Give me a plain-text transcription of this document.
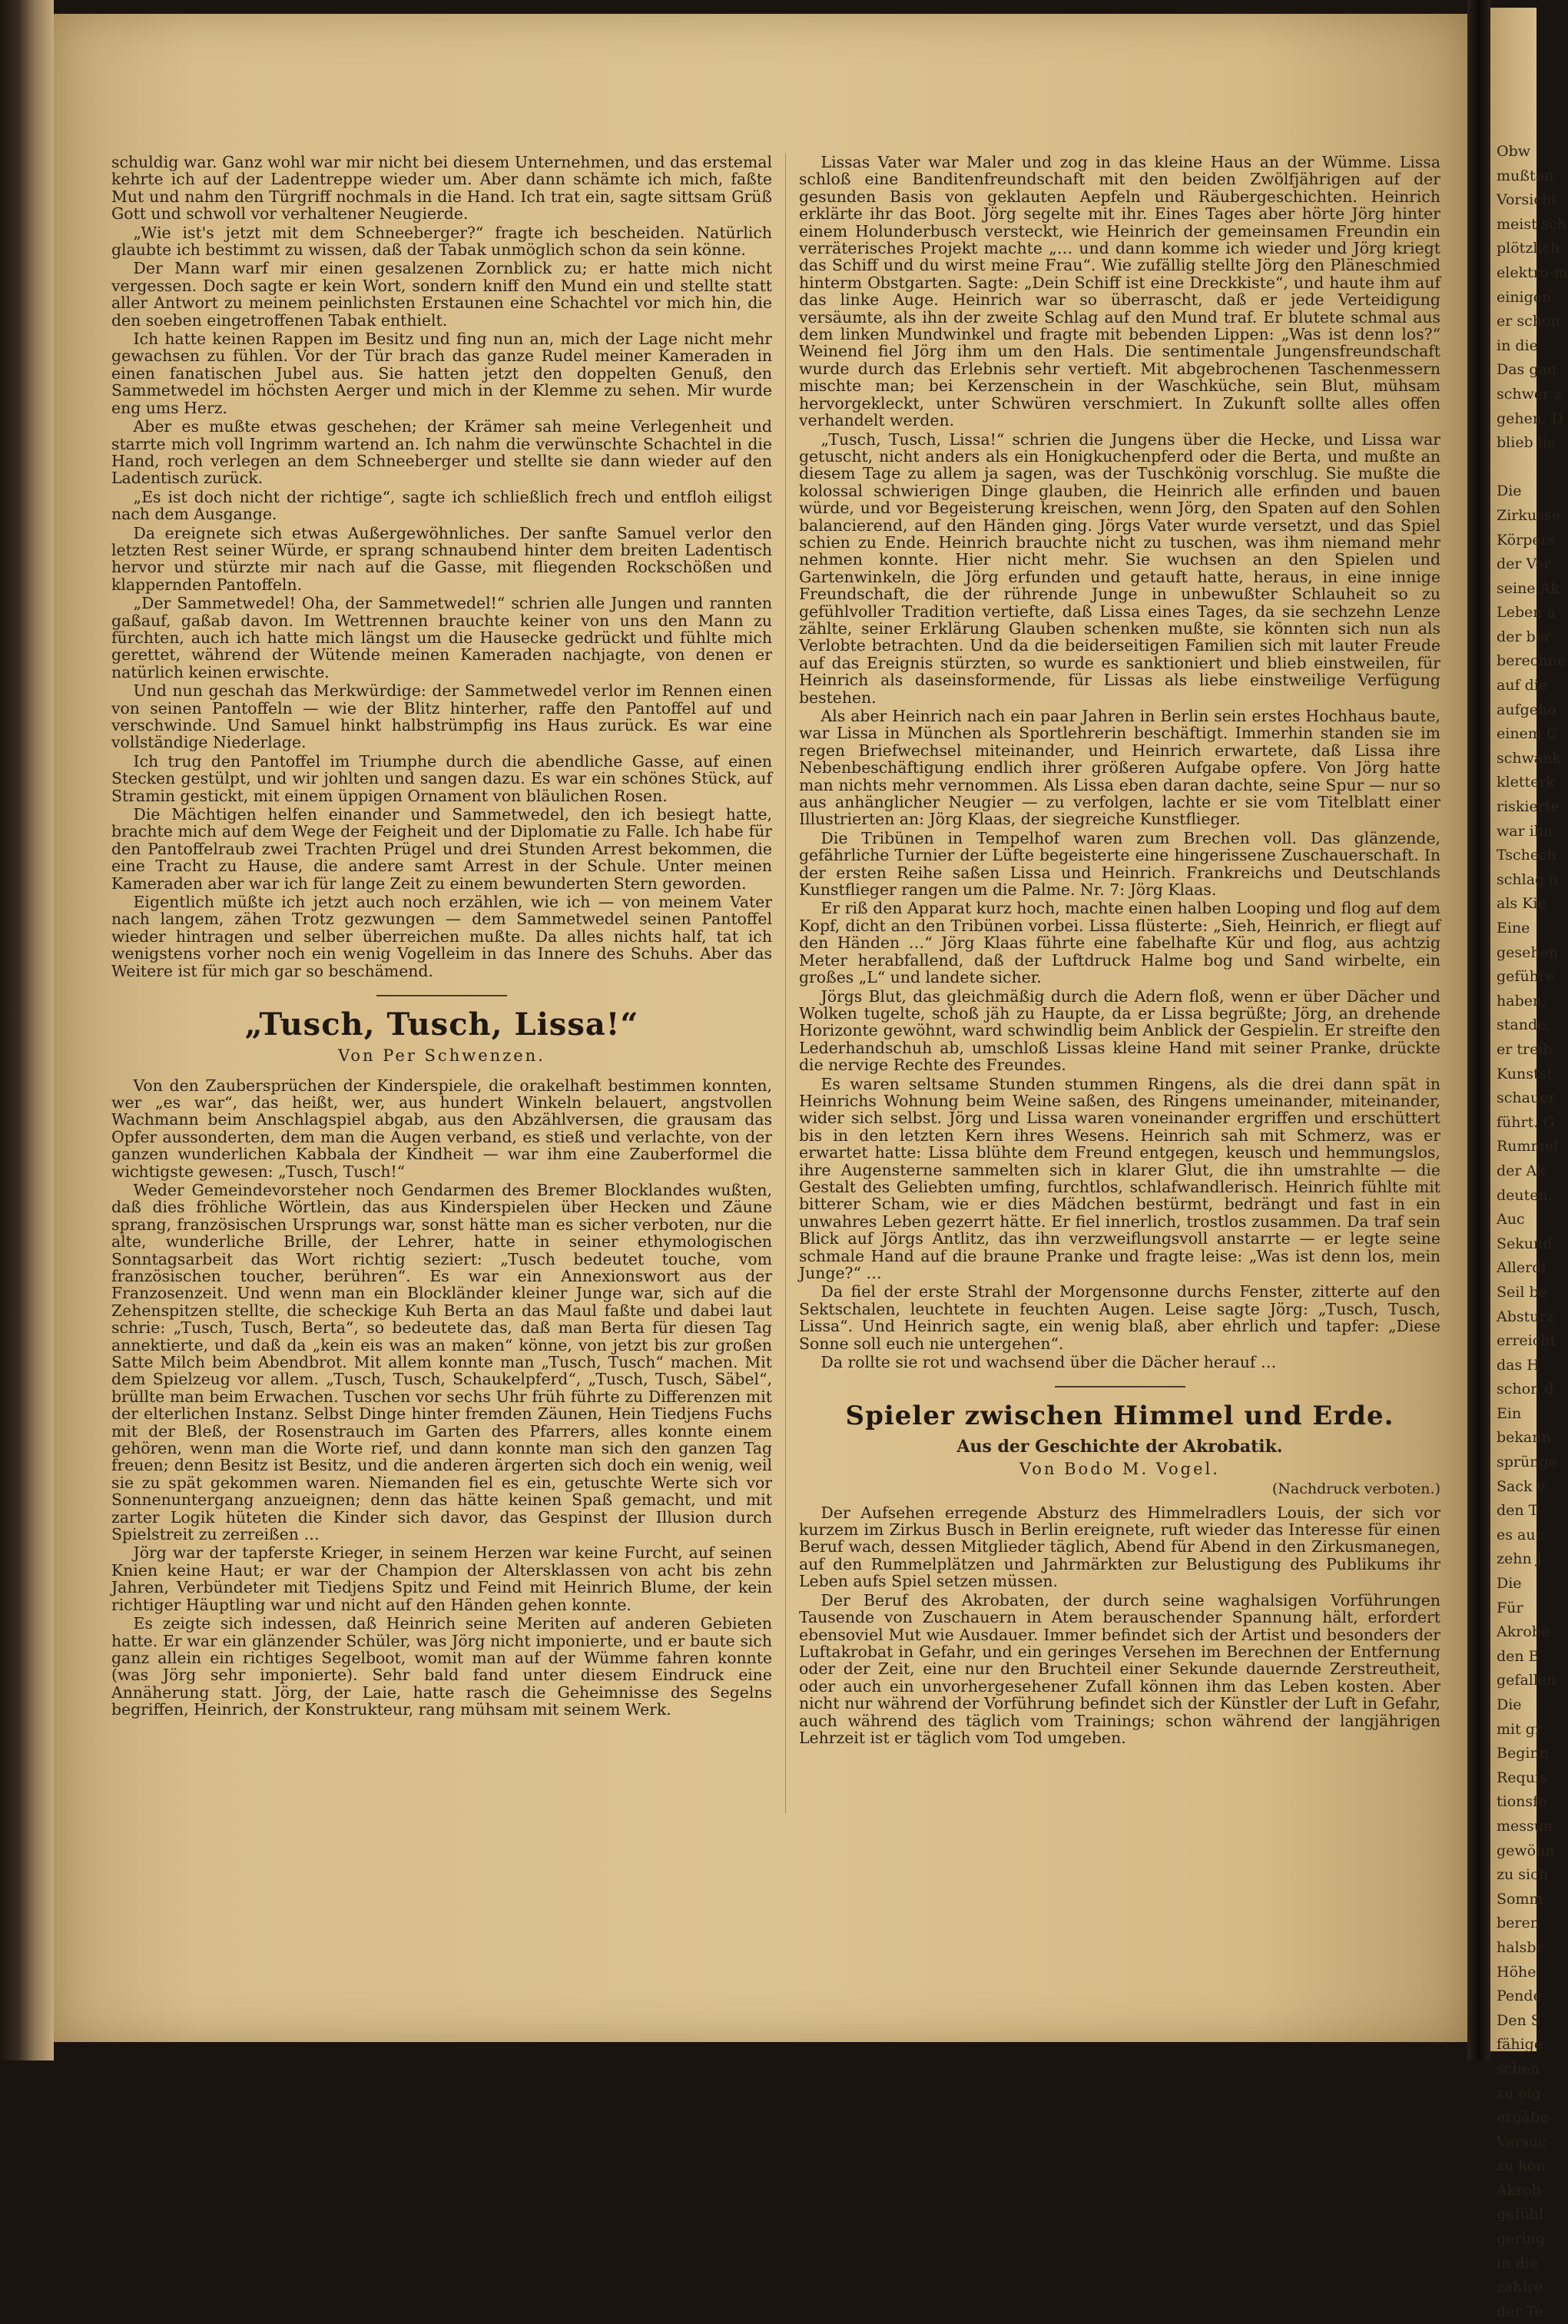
schuldig war. Ganz wohl war mir nicht bei diesem Unternehmen, und das erstemal kehrte ich auf der Ladentreppe wieder um. Aber dann schämte ich mich, faßte Mut und nahm den Türgriff nochmals in die Hand. Ich trat ein, sagte sittsam Grüß Gott und schwoll vor verhaltener Neugierde.

„Wie ist's jetzt mit dem Schneeberger?“ fragte ich bescheiden. Natürlich glaubte ich bestimmt zu wissen, daß der Tabak unmöglich schon da sein könne.

Der Mann warf mir einen gesalzenen Zornblick zu; er hatte mich nicht vergessen. Doch sagte er kein Wort, sondern kniff den Mund ein und stellte statt aller Antwort zu meinem peinlichsten Erstaunen eine Schachtel vor mich hin, die den soeben eingetroffenen Tabak enthielt.

Ich hatte keinen Rappen im Besitz und fing nun an, mich der Lage nicht mehr gewachsen zu fühlen. Vor der Tür brach das ganze Rudel meiner Kameraden in einen fanatischen Jubel aus. Sie hatten jetzt den doppelten Genuß, den Sammetwedel im höchsten Aerger und mich in der Klemme zu sehen. Mir wurde eng ums Herz.

Aber es mußte etwas geschehen; der Krämer sah meine Verlegenheit und starrte mich voll Ingrimm wartend an. Ich nahm die verwünschte Schachtel in die Hand, roch verlegen an dem Schneeberger und stellte sie dann wieder auf den Ladentisch zurück.

„Es ist doch nicht der richtige“, sagte ich schließlich frech und entfloh eiligst nach dem Ausgange.

Da ereignete sich etwas Außergewöhnliches. Der sanfte Samuel verlor den letzten Rest seiner Würde, er sprang schnaubend hinter dem breiten Ladentisch hervor und stürzte mir nach auf die Gasse, mit fliegenden Rockschößen und klappernden Pantoffeln.

„Der Sammetwedel! Oha, der Sammetwedel!“ schrien alle Jungen und rannten gaßauf, gaßab davon. Im Wettrennen brauchte keiner von uns den Mann zu fürchten, auch ich hatte mich längst um die Hausecke gedrückt und fühlte mich gerettet, während der Wütende meinen Kameraden nachjagte, von denen er natürlich keinen erwischte.

Und nun geschah das Merkwürdige: der Sammetwedel verlor im Rennen einen von seinen Pantoffeln — wie der Blitz hinterher, raffe den Pantoffel auf und verschwinde. Und Samuel hinkt halbstrümpfig ins Haus zurück. Es war eine vollständige Niederlage.

Ich trug den Pantoffel im Triumphe durch die abendliche Gasse, auf einen Stecken gestülpt, und wir johlten und sangen dazu. Es war ein schönes Stück, auf Stramin gestickt, mit einem üppigen Ornament von bläulichen Rosen.

Die Mächtigen helfen einander und Sammetwedel, den ich besiegt hatte, brachte mich auf dem Wege der Feigheit und der Diplomatie zu Falle. Ich habe für den Pantoffelraub zwei Trachten Prügel und drei Stunden Arrest bekommen, die eine Tracht zu Hause, die andere samt Arrest in der Schule. Unter meinen Kameraden aber war ich für lange Zeit zu einem bewunderten Stern geworden.

Eigentlich müßte ich jetzt auch noch erzählen, wie ich — von meinem Vater nach langem, zähen Trotz gezwungen — dem Sammetwedel seinen Pantoffel wieder hintragen und selber überreichen mußte. Da alles nichts half, tat ich wenigstens vorher noch ein wenig Vogelleim in das Innere des Schuhs. Aber das Weitere ist für mich gar so beschämend.

„Tusch, Tusch, Lissa!“
Von Per Schwenzen.

Von den Zaubersprüchen der Kinderspiele, die orakelhaft bestimmen konnten, wer „es war“, das heißt, wer, aus hundert Winkeln belauert, angstvollen Wachmann beim Anschlagspiel abgab, aus den Abzählversen, die grausam das Opfer aussonderten, dem man die Augen verband, es stieß und verlachte, von der ganzen wunderlichen Kabbala der Kindheit — war ihm eine Zauberformel die wichtigste gewesen: „Tusch, Tusch!“

Weder Gemeindevorsteher noch Gendarmen des Bremer Blocklandes wußten, daß dies fröhliche Wörtlein, das aus Kinderspielen über Hecken und Zäune sprang, französischen Ursprungs war, sonst hätte man es sicher verboten, nur die alte, wunderliche Brille, der Lehrer, hatte in seiner ethymologischen Sonntagsarbeit das Wort richtig seziert: „Tusch bedeutet touche, vom französischen toucher, berühren“. Es war ein Annexionswort aus der Franzosenzeit. Und wenn man ein Blockländer kleiner Junge war, sich auf die Zehenspitzen stellte, die scheckige Kuh Berta an das Maul faßte und dabei laut schrie: „Tusch, Tusch, Berta“, so bedeutete das, daß man Berta für diesen Tag annektierte, und daß da „kein eis was an maken“ könne, von jetzt bis zur großen Satte Milch beim Abendbrot. Mit allem konnte man „Tusch, Tusch“ machen. Mit dem Spielzeug vor allem. „Tusch, Tusch, Schaukelpferd“, „Tusch, Tusch, Säbel“, brüllte man beim Erwachen. Tuschen vor sechs Uhr früh führte zu Differenzen mit der elterlichen Instanz. Selbst Dinge hinter fremden Zäunen, Hein Tiedjens Fuchs mit der Bleß, der Rosenstrauch im Garten des Pfarrers, alles konnte einem gehören, wenn man die Worte rief, und dann konnte man sich den ganzen Tag freuen; denn Besitz ist Besitz, und die anderen ärgerten sich doch ein wenig, weil sie zu spät gekommen waren. Niemanden fiel es ein, getuschte Werte sich vor Sonnenuntergang anzueignen; denn das hätte keinen Spaß gemacht, und mit zarter Logik hüteten die Kinder sich davor, das Gespinst der Illusion durch Spielstreit zu zerreißen …

Jörg war der tapferste Krieger, in seinem Herzen war keine Furcht, auf seinen Knien keine Haut; er war der Champion der Altersklassen von acht bis zehn Jahren, Verbündeter mit Tiedjens Spitz und Feind mit Heinrich Blume, der kein richtiger Häuptling war und nicht auf den Händen gehen konnte.

Es zeigte sich indessen, daß Heinrich seine Meriten auf anderen Gebieten hatte. Er war ein glänzender Schüler, was Jörg nicht imponierte, und er baute sich ganz allein ein richtiges Segelboot, womit man auf der Wümme fahren konnte (was Jörg sehr imponierte). Sehr bald fand unter diesem Eindruck eine Annäherung statt. Jörg, der Laie, hatte rasch die Geheimnisse des Segelns begriffen, Heinrich, der Konstrukteur, rang mühsam mit seinem Werk.

Lissas Vater war Maler und zog in das kleine Haus an der Wümme. Lissa schloß eine Banditenfreundschaft mit den beiden Zwölfjährigen auf der gesunden Basis von geklauten Aepfeln und Räubergeschichten. Heinrich erklärte ihr das Boot. Jörg segelte mit ihr. Eines Tages aber hörte Jörg hinter einem Holunderbusch versteckt, wie Heinrich der gemeinsamen Freundin ein verräterisches Projekt machte „… und dann komme ich wieder und Jörg kriegt das Schiff und du wirst meine Frau“. Wie zufällig stellte Jörg den Pläneschmied hinterm Obstgarten. Sagte: „Dein Schiff ist eine Dreckkiste“, und haute ihm auf das linke Auge. Heinrich war so überrascht, daß er jede Verteidigung versäumte, als ihn der zweite Schlag auf den Mund traf. Er blutete schmal aus dem linken Mundwinkel und fragte mit bebenden Lippen: „Was ist denn los?“ Weinend fiel Jörg ihm um den Hals. Die sentimentale Jungensfreundschaft wurde durch das Erlebnis sehr vertieft. Mit abgebrochenen Taschenmessern mischte man; bei Kerzenschein in der Waschküche, sein Blut, mühsam hervorgekleckt, unter Schwüren verschmiert. In Zukunft sollte alles offen verhandelt werden.

„Tusch, Tusch, Lissa!“ schrien die Jungens über die Hecke, und Lissa war getuscht, nicht anders als ein Honigkuchenpferd oder die Berta, und mußte an diesem Tage zu allem ja sagen, was der Tuschkönig vorschlug. Sie mußte die kolossal schwierigen Dinge glauben, die Heinrich alle erfinden und bauen würde, und vor Begeisterung kreischen, wenn Jörg, den Spaten auf den Sohlen balancierend, auf den Händen ging. Jörgs Vater wurde versetzt, und das Spiel schien zu Ende. Heinrich brauchte nicht zu tuschen, was ihm niemand mehr nehmen konnte. Hier nicht mehr. Sie wuchsen an den Spielen und Gartenwinkeln, die Jörg erfunden und getauft hatte, heraus, in eine innige Freundschaft, die der rührende Junge in unbewußter Schlauheit so zu gefühlvoller Tradition vertiefte, daß Lissa eines Tages, da sie sechzehn Lenze zählte, seiner Erklärung Glauben schenken mußte, sie könnten sich nun als Verlobte betrachten. Und da die beiderseitigen Familien sich mit lauter Freude auf das Ereignis stürzten, so wurde es sanktioniert und blieb einstweilen, für Heinrich als daseinsformende, für Lissas als liebe einstweilige Verfügung bestehen.

Als aber Heinrich nach ein paar Jahren in Berlin sein erstes Hochhaus baute, war Lissa in München als Sportlehrerin beschäftigt. Immerhin standen sie im regen Briefwechsel miteinander, und Heinrich erwartete, daß Lissa ihre Nebenbeschäftigung endlich ihrer größeren Aufgabe opfere. Von Jörg hatte man nichts mehr vernommen. Als Lissa eben daran dachte, seine Spur — nur so aus anhänglicher Neugier — zu verfolgen, lachte er sie vom Titelblatt einer Illustrierten an: Jörg Klaas, der siegreiche Kunstflieger.

Die Tribünen in Tempelhof waren zum Brechen voll. Das glänzende, gefährliche Turnier der Lüfte begeisterte eine hingerissene Zuschauerschaft. In der ersten Reihe saßen Lissa und Heinrich. Frankreichs und Deutschlands Kunstflieger rangen um die Palme. Nr. 7: Jörg Klaas.

Er riß den Apparat kurz hoch, machte einen halben Looping und flog auf dem Kopf, dicht an den Tribünen vorbei. Lissa flüsterte: „Sieh, Heinrich, er fliegt auf den Händen …“ Jörg Klaas führte eine fabelhafte Kür und flog, aus achtzig Meter herabfallend, daß der Luftdruck Halme bog und Sand wirbelte, ein großes „L“ und landete sicher.

Jörgs Blut, das gleichmäßig durch die Adern floß, wenn er über Dächer und Wolken tugelte, schoß jäh zu Haupte, da er Lissa begrüßte; Jörg, an drehende Horizonte gewöhnt, ward schwindlig beim Anblick der Gespielin. Er streifte den Lederhandschuh ab, umschloß Lissas kleine Hand mit seiner Pranke, drückte die nervige Rechte des Freundes.

Es waren seltsame Stunden stummen Ringens, als die drei dann spät in Heinrichs Wohnung beim Weine saßen, des Ringens umeinander, miteinander, wider sich selbst. Jörg und Lissa waren voneinander ergriffen und erschüttert bis in den letzten Kern ihres Wesens. Heinrich sah mit Schmerz, was er erwartet hatte: Lissa blühte dem Freund entgegen, keusch und hemmungslos, ihre Augensterne sammelten sich in klarer Glut, die ihn umstrahlte — die Gestalt des Geliebten umfing, furchtlos, schlafwandlerisch. Heinrich fühlte mit bitterer Scham, wie er dies Mädchen bestürmt, bedrängt und fast in ein unwahres Leben gezerrt hätte. Er fiel innerlich, trostlos zusammen. Da traf sein Blick auf Jörgs Antlitz, das ihn verzweiflungsvoll anstarrte — er legte seine schmale Hand auf die braune Pranke und fragte leise: „Was ist denn los, mein Junge?“ …

Da fiel der erste Strahl der Morgensonne durchs Fenster, zitterte auf den Sektschalen, leuchtete in feuchten Augen. Leise sagte Jörg: „Tusch, Tusch, Lissa“. Und Heinrich sagte, ein wenig blaß, aber ehrlich und tapfer: „Diese Sonne soll euch nie untergehen“.

Da rollte sie rot und wachsend über die Dächer herauf …

Spieler zwischen Himmel und Erde.
Aus der Geschichte der Akrobatik.
Von Bodo M. Vogel.
(Nachdruck verboten.)

Der Aufsehen erregende Absturz des Himmelradlers Louis, der sich vor kurzem im Zirkus Busch in Berlin ereignete, ruft wieder das Interesse für einen Beruf wach, dessen Mitglieder täglich, Abend für Abend in den Zirkusmanegen, auf den Rummelplätzen und Jahrmärkten zur Belustigung des Publikums ihr Leben aufs Spiel setzen müssen.

Der Beruf des Akrobaten, der durch seine waghalsigen Vorführungen Tausende von Zuschauern in Atem berauschender Spannung hält, erfordert ebensoviel Mut wie Ausdauer. Immer befindet sich der Artist und besonders der Luftakrobat in Gefahr, und ein geringes Versehen im Berechnen der Entfernung oder der Zeit, eine nur den Bruchteil einer Sekunde dauernde Zerstreutheit, oder auch ein unvorhergesehener Zufall können ihm das Leben kosten. Aber nicht nur während der Vorführung befindet sich der Künstler der Luft in Gefahr, auch während des täglich vom Trainings; schon während der langjährigen Lehrzeit ist er täglich vom Tod umgeben.

Obw
mußten
Vorsicht
meist sch
plötzlich
elektro-m
einigen
er schon
in die
Das gan
schwer z
gehen. D
blieb lie

Die
Zirkusse
Körpers
der Ver
seine Ak
Leben a
der ber
berechne
auf die
aufgeho
einem C
schwank
kletterk
riskierte
war ihn
Tschech
schlag n
als Kie
Eine
gesehen
geführe
haben,
stande,
er treib
Kunstst
schauer
führt. G
Rummel
der Ak
deuten.
Auc
Sekund
Allerdi
Seil be
Absturz
erreicht
das H
schon d
Ein
bekann
sprünge
Sack v
den T
es auc
zehn J
Die
Für
Akrobe
den B
gefallen
Die
mit gr
Beginn
Requis
tionsfe
messun
gewöhn
zu sich
Somm
beren
halsbr
Höhe
Pende
Den S
fähige
schen
zu eig
ergäbe
Versuc
zu kon
Akrob
gefühl
gering
in die
zahlre
der Te
